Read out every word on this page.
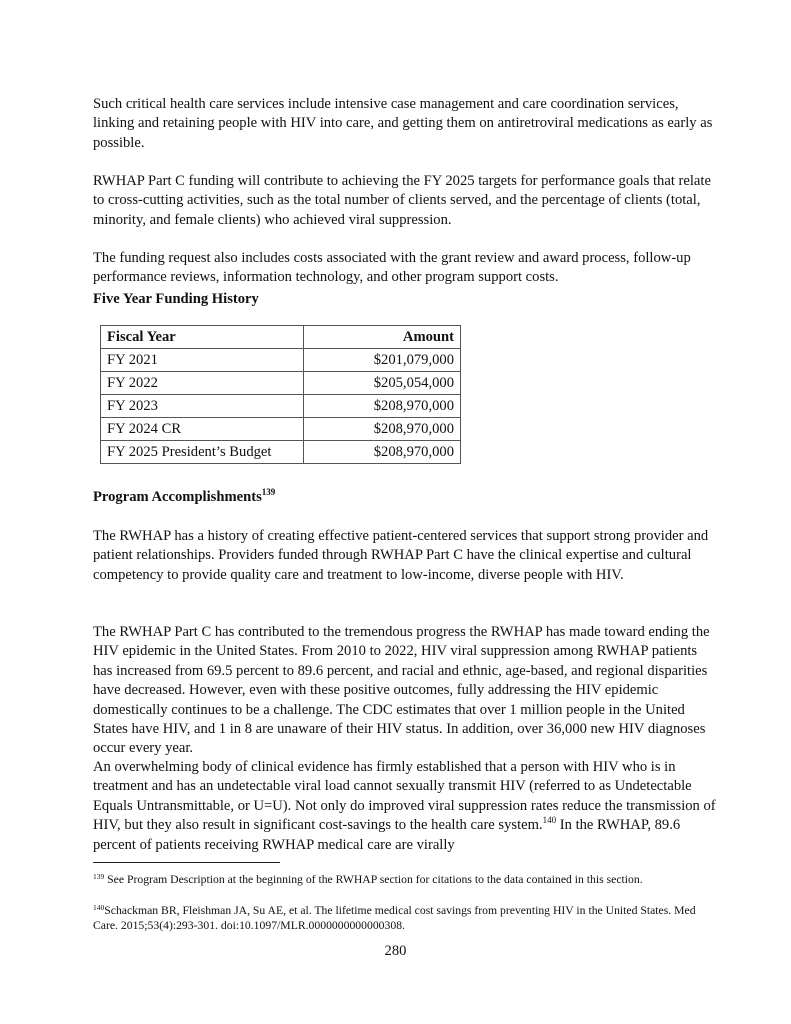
Such critical health care services include intensive case management and care coordination services, linking and retaining people with HIV into care, and getting them on antiretroviral medications as early as possible.

RWHAP Part C funding will contribute to achieving the FY 2025 targets for performance goals that relate to cross-cutting activities, such as the total number of clients served, and the percentage of clients (total, minority, and female clients) who achieved viral suppression.

The funding request also includes costs associated with the grant review and award process, follow-up performance reviews, information technology, and other program support costs.

Five Year Funding History
Fiscal Year	Amount
FY 2021	$201,079,000
FY 2022	$205,054,000
FY 2023	$208,970,000
FY 2024 CR	$208,970,000
FY 2025 President’s Budget	$208,970,000
Program Accomplishments$^{139}$

The RWHAP has a history of creating effective patient-centered services that support strong provider and patient relationships. Providers funded through RWHAP Part C have the clinical expertise and cultural competency to provide quality care and treatment to low-income, diverse people with HIV.

The RWHAP Part C has contributed to the tremendous progress the RWHAP has made toward ending the HIV epidemic in the United States. From 2010 to 2022, HIV viral suppression among RWHAP patients has increased from 69.5 percent to 89.6 percent, and racial and ethnic, age-based, and regional disparities have decreased. However, even with these positive outcomes, fully addressing the HIV epidemic domestically continues to be a challenge. The CDC estimates that over 1 million people in the United States have HIV, and 1 in 8 are unaware of their HIV status. In addition, over 36,000 new HIV diagnoses occur every year.

An overwhelming body of clinical evidence has firmly established that a person with HIV who is in treatment and has an undetectable viral load cannot sexually transmit HIV (referred to as Undetectable Equals Untransmittable, or U=U). Not only do improved viral suppression rates reduce the transmission of HIV, but they also result in significant cost-savings to the health care system.$^{140}$ In the RWHAP, 89.6 percent of patients receiving RWHAP medical care are virally

$^{139}$ See Program Description at the beginning of the RWHAP section for citations to the data contained in this section.

$^{140}$Schackman BR, Fleishman JA, Su AE, et al. The lifetime medical cost savings from preventing HIV in the United States. Med Care. 2015;53(4):293-301. doi:10.1097/MLR.0000000000000308.

280
